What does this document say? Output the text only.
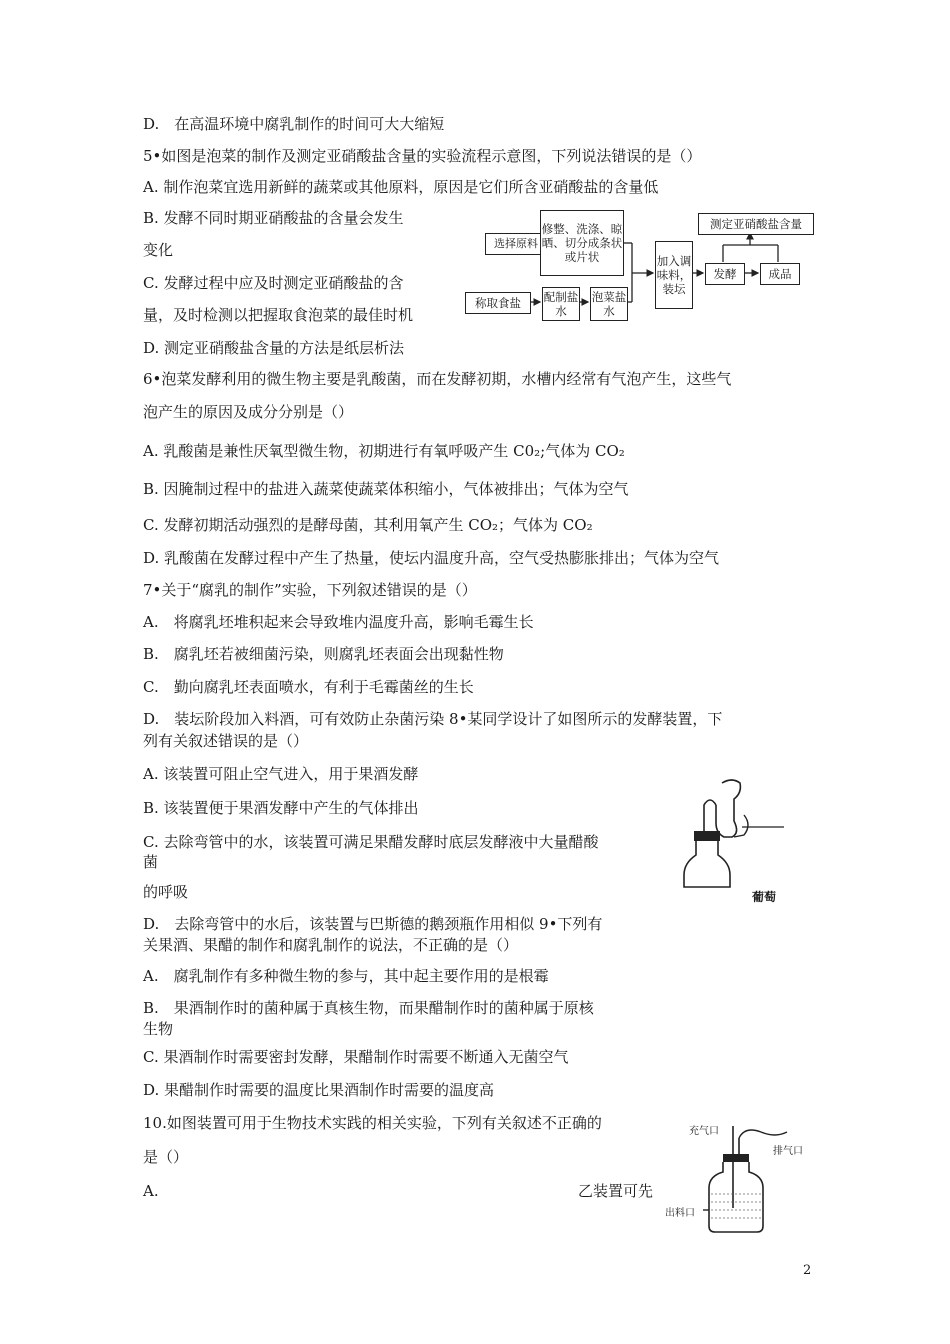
D.　在高温环境中腐乳制作的时间可大大缩短
5•如图是泡菜的制作及测定亚硝酸盐含量的实验流程示意图，下列说法错误的是（）
A. 制作泡菜宜选用新鲜的蔬菜或其他原料，原因是它们所含亚硝酸盐的含量低
B. 发酵不同时期亚硝酸盐的含量会发生
变化
C. 发酵过程中应及时测定亚硝酸盐的含
量，及时检测以把握取食泡菜的最佳时机
D. 测定亚硝酸盐含量的方法是纸层析法
6•泡菜发酵利用的微生物主要是乳酸菌，而在发酵初期，水槽内经常有气泡产生，这些气
泡产生的原因及成分分别是（）
A. 乳酸菌是兼性厌氧型微生物，初期进行有氧呼吸产生 C0₂;气体为 CO₂
B. 因腌制过程中的盐进入蔬菜使蔬菜体积缩小，气体被排出；气体为空气
C. 发酵初期活动强烈的是酵母菌，其利用氧产生 CO₂；气体为 CO₂
D. 乳酸菌在发酵过程中产生了热量，使坛内温度升高，空气受热膨胀排出；气体为空气
7•关于“腐乳的制作”实验，下列叙述错误的是（）
A.　将腐乳坯堆积起来会导致堆内温度升高，影响毛霉生长
B.　腐乳坯若被细菌污染，则腐乳坯表面会出现黏性物
C.　勤向腐乳坯表面喷水，有利于毛霉菌丝的生长
D.　装坛阶段加入料酒，可有效防止杂菌污染 8•某同学设计了如图所示的发酵装置，下
列有关叙述错误的是（）
A. 该装置可阻止空气进入，用于果酒发酵
B. 该装置便于果酒发酵中产生的气体排出
C. 去除弯管中的水，该装置可满足果醋发酵时底层发酵液中大量醋酸
菌
的呼吸
D.　去除弯管中的水后，该装置与巴斯德的鹅颈瓶作用相似 9•下列有
关果酒、果醋的制作和腐乳制作的说法，不正确的是（）
A.　腐乳制作有多种微生物的参与，其中起主要作用的是根霉
B.　果酒制作时的菌种属于真核生物，而果醋制作时的菌种属于原核
生物
C. 果酒制作时需要密封发酵，果醋制作时需要不断通入无菌空气
D. 果醋制作时需要的温度比果酒制作时需要的温度高
10.如图装置可用于生物技术实践的相关实验，下列有关叙述不正确的
是（）
A.	乙装置可先
选择原料
修整、洗涤、晾晒、切分成条状或片状
称取食盐	配制盐水
泡菜盐水
加入调味料，装坛
发酵	成品
测定亚硝酸盐含量
葡萄
充气口
排气口
出料口
2
